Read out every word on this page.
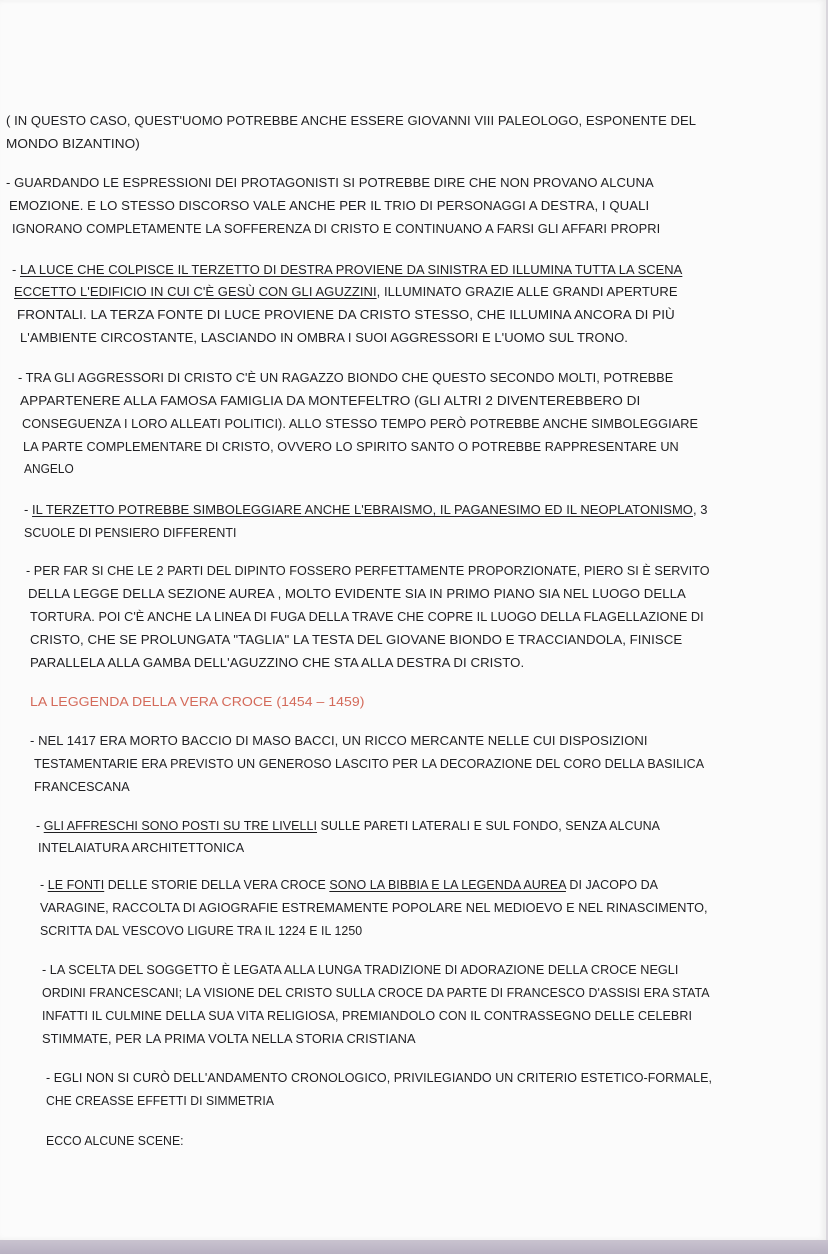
( IN QUESTO CASO, QUEST'UOMO POTREBBE ANCHE ESSERE GIOVANNI VIII PALEOLOGO, ESPONENTE DEL
MONDO BIZANTINO)
- GUARDANDO LE ESPRESSIONI DEI PROTAGONISTI SI POTREBBE DIRE CHE NON PROVANO ALCUNA
EMOZIONE. E LO STESSO DISCORSO VALE ANCHE PER IL TRIO DI PERSONAGGI A DESTRA, I QUALI
IGNORANO COMPLETAMENTE LA SOFFERENZA DI CRISTO E CONTINUANO A FARSI GLI AFFARI PROPRI
- LA LUCE CHE COLPISCE IL TERZETTO DI DESTRA PROVIENE DA SINISTRA ED ILLUMINA TUTTA LA SCENA
ECCETTO L'EDIFICIO IN CUI C'È GESÙ CON GLI AGUZZINI, ILLUMINATO GRAZIE ALLE GRANDI APERTURE
FRONTALI. LA TERZA FONTE DI LUCE PROVIENE DA CRISTO STESSO, CHE ILLUMINA ANCORA DI PIÙ
L'AMBIENTE CIRCOSTANTE, LASCIANDO IN OMBRA I SUOI AGGRESSORI E L'UOMO SUL TRONO.
- TRA GLI AGGRESSORI DI CRISTO C'È UN RAGAZZO BIONDO CHE QUESTO SECONDO MOLTI, POTREBBE
APPARTENERE ALLA FAMOSA FAMIGLIA DA MONTEFELTRO (GLI ALTRI 2 DIVENTEREBBERO DI
CONSEGUENZA I LORO ALLEATI POLITICI). ALLO STESSO TEMPO PERÒ POTREBBE ANCHE SIMBOLEGGIARE
LA PARTE COMPLEMENTARE DI CRISTO, OVVERO LO SPIRITO SANTO O POTREBBE RAPPRESENTARE UN
ANGELO
- IL TERZETTO POTREBBE SIMBOLEGGIARE ANCHE L'EBRAISMO, IL PAGANESIMO ED IL NEOPLATONISMO, 3
SCUOLE DI PENSIERO DIFFERENTI
- PER FAR SI CHE LE 2 PARTI DEL DIPINTO FOSSERO PERFETTAMENTE PROPORZIONATE, PIERO SI È SERVITO
DELLA LEGGE DELLA SEZIONE AUREA , MOLTO EVIDENTE SIA IN PRIMO PIANO SIA NEL LUOGO DELLA
TORTURA. POI C'È ANCHE LA LINEA DI FUGA DELLA TRAVE CHE COPRE IL LUOGO DELLA FLAGELLAZIONE DI
CRISTO, CHE SE PROLUNGATA "TAGLIA" LA TESTA DEL GIOVANE BIONDO E TRACCIANDOLA, FINISCE
PARALLELA ALLA GAMBA DELL'AGUZZINO CHE STA ALLA DESTRA DI CRISTO.
LA LEGGENDA DELLA VERA CROCE (1454 – 1459)
- NEL 1417 ERA MORTO BACCIO DI MASO BACCI, UN RICCO MERCANTE NELLE CUI DISPOSIZIONI
TESTAMENTARIE ERA PREVISTO UN GENEROSO LASCITO PER LA DECORAZIONE DEL CORO DELLA BASILICA
FRANCESCANA
- GLI AFFRESCHI SONO POSTI SU TRE LIVELLI SULLE PARETI LATERALI E SUL FONDO, SENZA ALCUNA
INTELAIATURA ARCHITETTONICA
- LE FONTI DELLE STORIE DELLA VERA CROCE SONO LA BIBBIA E LA LEGENDA AUREA DI JACOPO DA
VARAGINE, RACCOLTA DI AGIOGRAFIE ESTREMAMENTE POPOLARE NEL MEDIOEVO E NEL RINASCIMENTO,
SCRITTA DAL VESCOVO LIGURE TRA IL 1224 E IL 1250
- LA SCELTA DEL SOGGETTO È LEGATA ALLA LUNGA TRADIZIONE DI ADORAZIONE DELLA CROCE NEGLI
ORDINI FRANCESCANI; LA VISIONE DEL CRISTO SULLA CROCE DA PARTE DI FRANCESCO D'ASSISI ERA STATA
INFATTI IL CULMINE DELLA SUA VITA RELIGIOSA, PREMIANDOLO CON IL CONTRASSEGNO DELLE CELEBRI
STIMMATE, PER LA PRIMA VOLTA NELLA STORIA CRISTIANA
- EGLI NON SI CURÒ DELL'ANDAMENTO CRONOLOGICO, PRIVILEGIANDO UN CRITERIO ESTETICO-FORMALE,
CHE CREASSE EFFETTI DI SIMMETRIA
ECCO ALCUNE SCENE:
